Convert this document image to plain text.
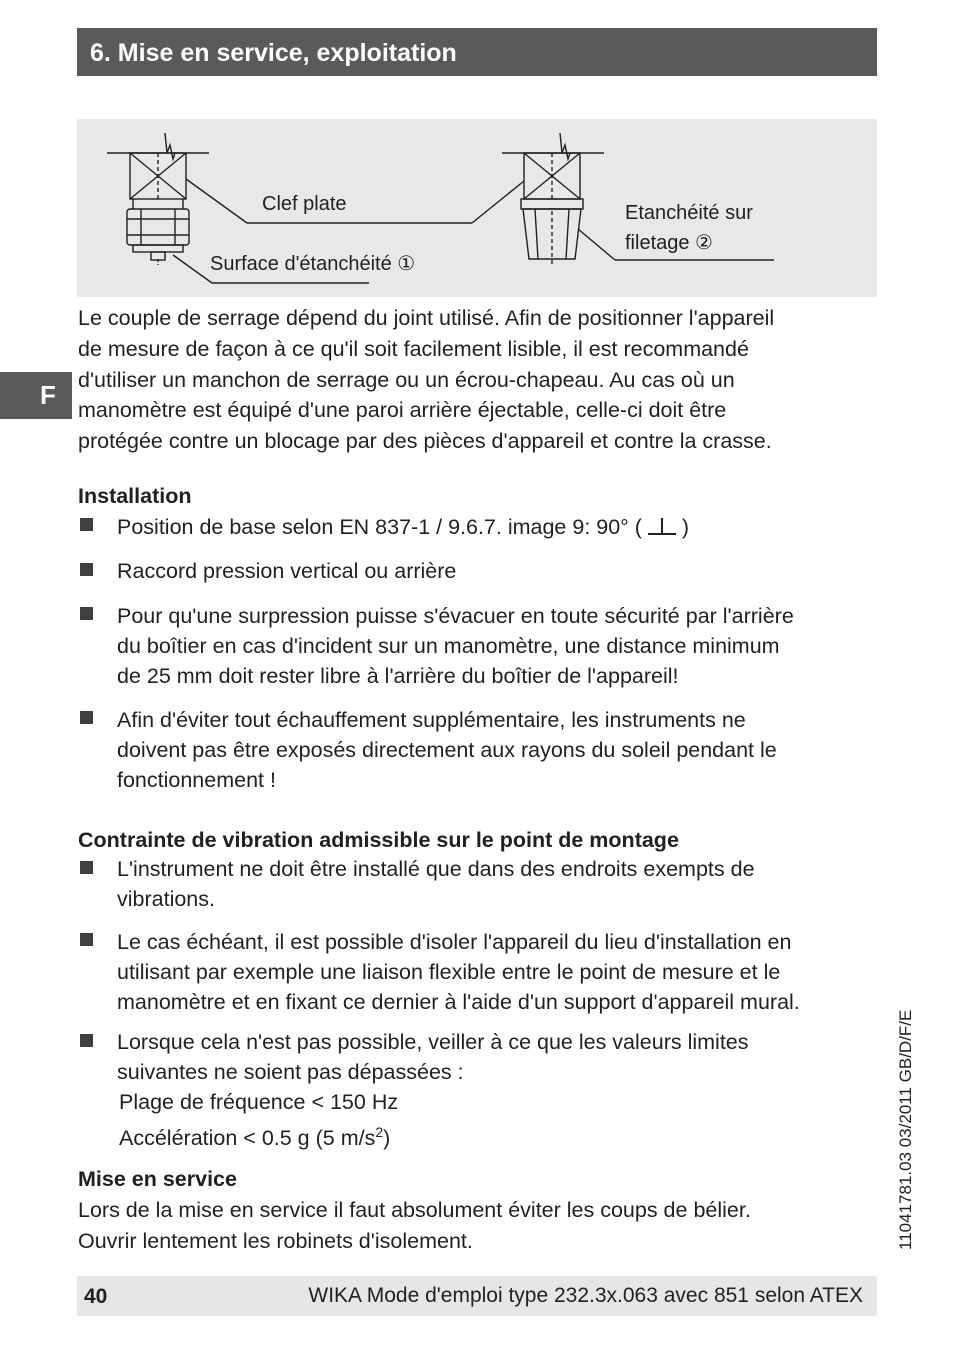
6. Mise en service, exploitation
Clef plate
Surface d'étanchéité ①
Etanchéité sur
filetage ②
F
Le couple de serrage dépend du joint utilisé. Afin de positionner l'appareil
de mesure de façon à ce qu'il soit facilement lisible, il est recommandé
d'utiliser un manchon de serrage ou un écrou-chapeau. Au cas où un
manomètre est équipé d'une paroi arrière éjectable, celle-ci doit être
protégée contre un blocage par des pièces d'appareil et contre la crasse.
Installation
Position de base selon EN 837-1 / 9.6.7. image 9: 90° ( )
Raccord pression vertical ou arrière
Pour qu'une surpression puisse s'évacuer en toute sécurité par l'arrière
du boîtier en cas d'incident sur un manomètre, une distance minimum
de 25 mm doit rester libre à l'arrière du boîtier de l'appareil!
Afin d'éviter tout échauffement supplémentaire, les instruments ne
doivent pas être exposés directement aux rayons du soleil pendant le
fonctionnement !
Contrainte de vibration admissible sur le point de montage
L'instrument ne doit être installé que dans des endroits exempts de
vibrations.
Le cas échéant, il est possible d'isoler l'appareil du lieu d'installation en
utilisant par exemple une liaison flexible entre le point de mesure et le
manomètre et en fixant ce dernier à l'aide d'un support d'appareil mural.
Lorsque cela n'est pas possible, veiller à ce que les valeurs limites
suivantes ne soient pas dépassées :
Plage de fréquence < 150 Hz
Accélération < 0.5 g (5 $m/s^2$)
Mise en service
Lors de la mise en service il faut absolument éviter les coups de bélier.
Ouvrir lentement les robinets d'isolement.	11041781.03 03/2011 GB/D/F/E
40	WIKA Mode d'emploi type 232.3x.063 avec 851 selon ATEX
